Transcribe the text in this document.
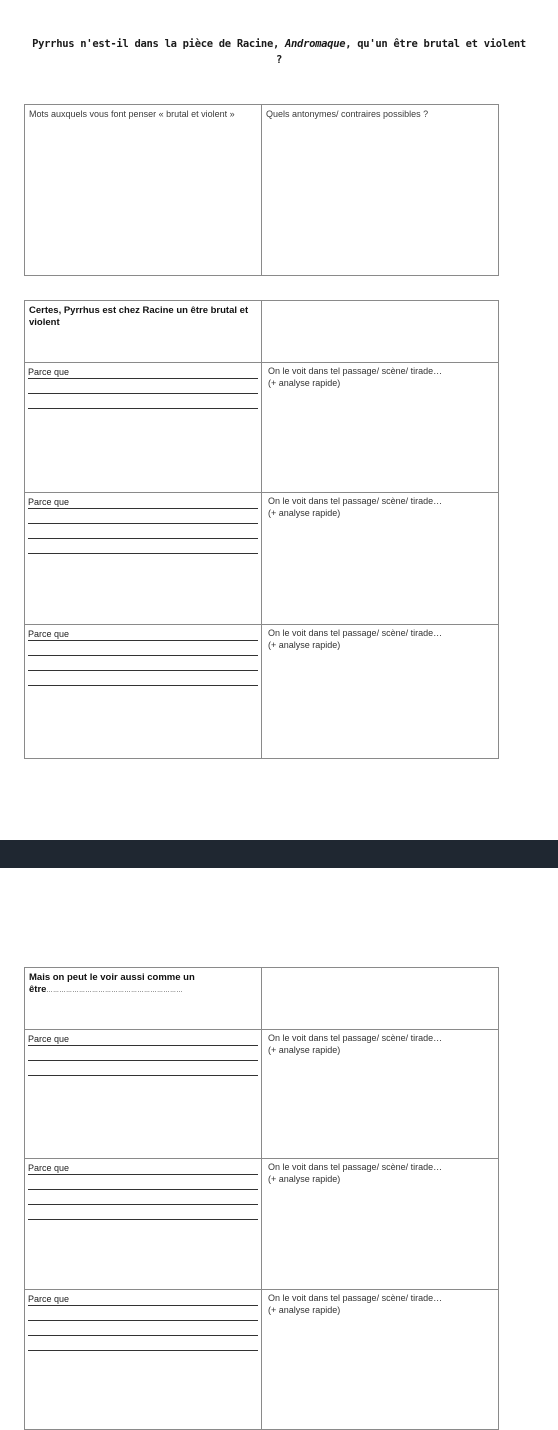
Pyrrhus n'est-il dans la pièce de Racine, Andromaque, qu'un être brutal et violent ?
Mots auxquels vous font penser « brutal et violent »	Quels antonymes/ contraires possibles ?
Certes, Pyrrhus est chez Racine un être brutal et violent	

Parce que	On le voit dans tel passage/ scène/ tirade…
(+ analyse rapide)

Parce que	On le voit dans tel passage/ scène/ tirade…
(+ analyse rapide)

Parce que	On le voit dans tel passage/ scène/ tirade…
(+ analyse rapide)
Mais on peut le voir aussi comme un
être………………………………………………………	

Parce que	On le voit dans tel passage/ scène/ tirade…
(+ analyse rapide)

Parce que	On le voit dans tel passage/ scène/ tirade…
(+ analyse rapide)

Parce que	On le voit dans tel passage/ scène/ tirade…
(+ analyse rapide)
